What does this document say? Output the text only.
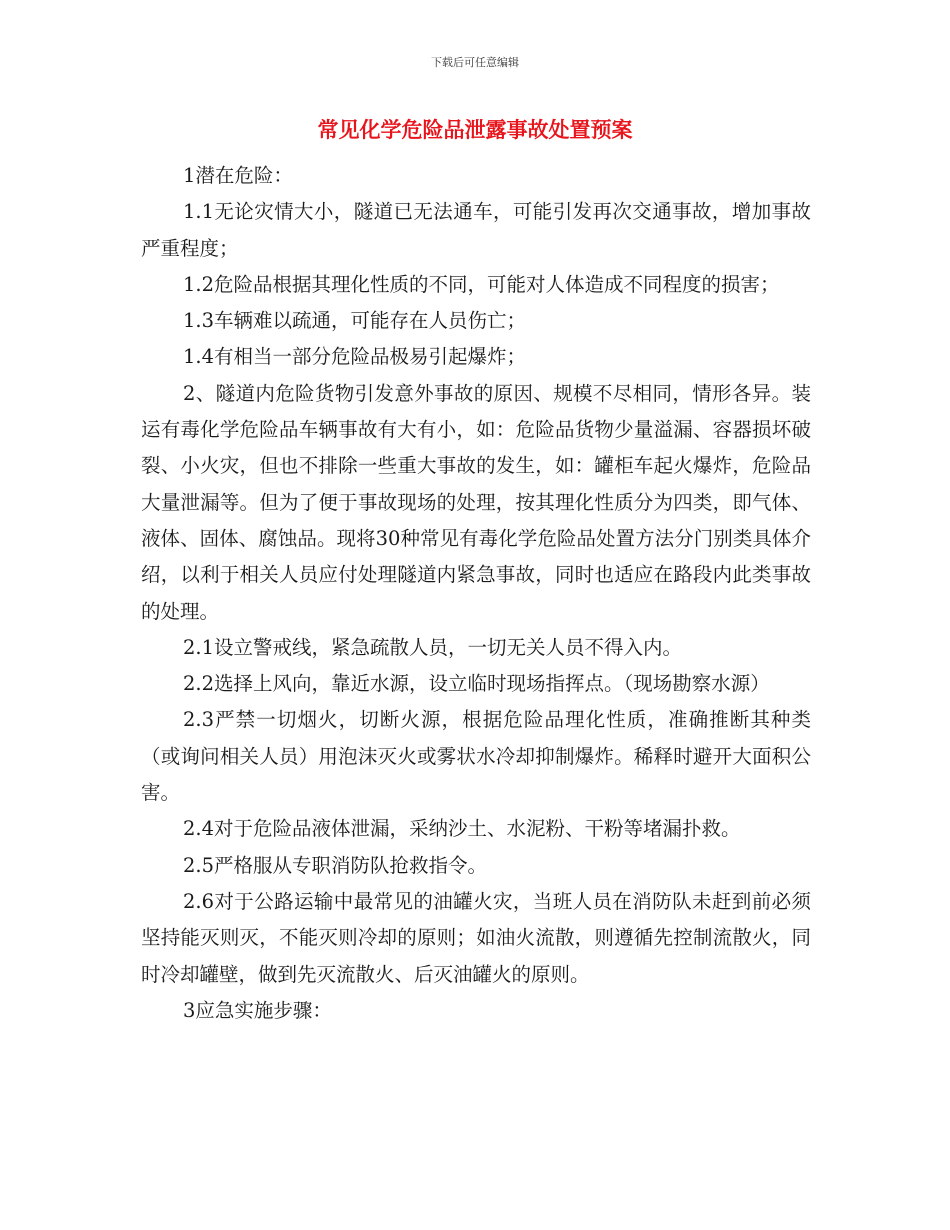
下载后可任意编辑
常见化学危险品泄露事故处置预案

1潜在危险：

1.1无论灾情大小，隧道已无法通车，可能引发再次交通事故，增加事故严重程度；

1.2危险品根据其理化性质的不同，可能对人体造成不同程度的损害；

1.3车辆难以疏通，可能存在人员伤亡；

1.4有相当一部分危险品极易引起爆炸；

2、隧道内危险货物引发意外事故的原因、规模不尽相同，情形各异。装运有毒化学危险品车辆事故有大有小，如：危险品货物少量溢漏、容器损坏破裂、小火灾，但也不排除一些重大事故的发生，如：罐柜车起火爆炸，危险品大量泄漏等。但为了便于事故现场的处理，按其理化性质分为四类，即气体、液体、固体、腐蚀品。现将30种常见有毒化学危险品处置方法分门别类具体介绍，以利于相关人员应付处理隧道内紧急事故，同时也适应在路段内此类事故的处理。

2.1设立警戒线，紧急疏散人员，一切无关人员不得入内。

2.2选择上风向，靠近水源，设立临时现场指挥点。（现场勘察水源）

2.3严禁一切烟火，切断火源，根据危险品理化性质，准确推断其种类（或询问相关人员）用泡沫灭火或雾状水冷却抑制爆炸。稀释时避开大面积公害。

2.4对于危险品液体泄漏，采纳沙土、水泥粉、干粉等堵漏扑救。

2.5严格服从专职消防队抢救指令。

2.6对于公路运输中最常见的油罐火灾，当班人员在消防队未赶到前必须坚持能灭则灭，不能灭则冷却的原则；如油火流散，则遵循先控制流散火，同时冷却罐壁，做到先灭流散火、后灭油罐火的原则。

3应急实施步骤：
